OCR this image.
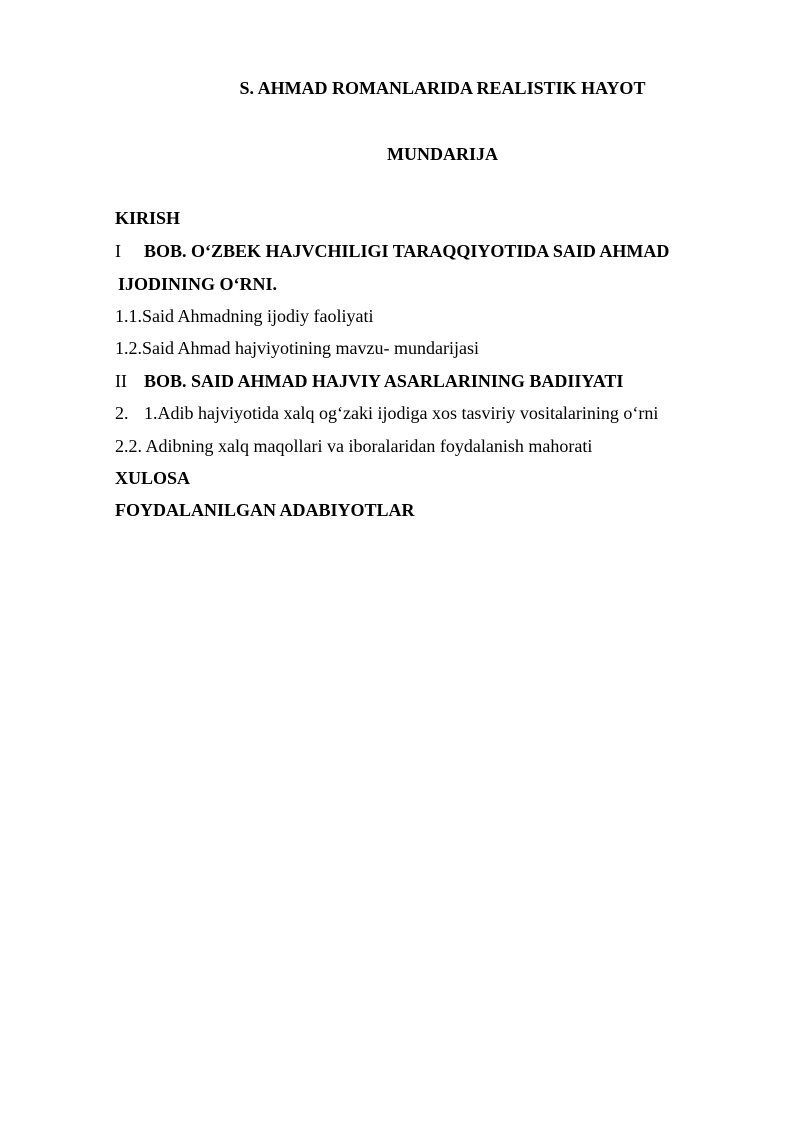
S. AHMAD ROMANLARIDA REALISTIK HAYOT
MUNDARIJA
KIRISH
I BOB. O‘ZBEK HAJVCHILIGI TARAQQIYOTIDA SAID AHMAD
IJODINING O‘RNI.
1.1.Said Ahmadning ijodiy faoliyati
1.2.Said Ahmad hajviyotining mavzu- mundarijasi
II BOB. SAID AHMAD HAJVIY ASARLARINING BADIIYATI
2. 1.Adib hajviyotida xalq og‘zaki ijodiga xos tasviriy vositalarining o‘rni
2.2. Adibning xalq maqollari va iboralaridan foydalanish mahorati
XULOSA
FOYDALANILGAN ADABIYOTLAR
